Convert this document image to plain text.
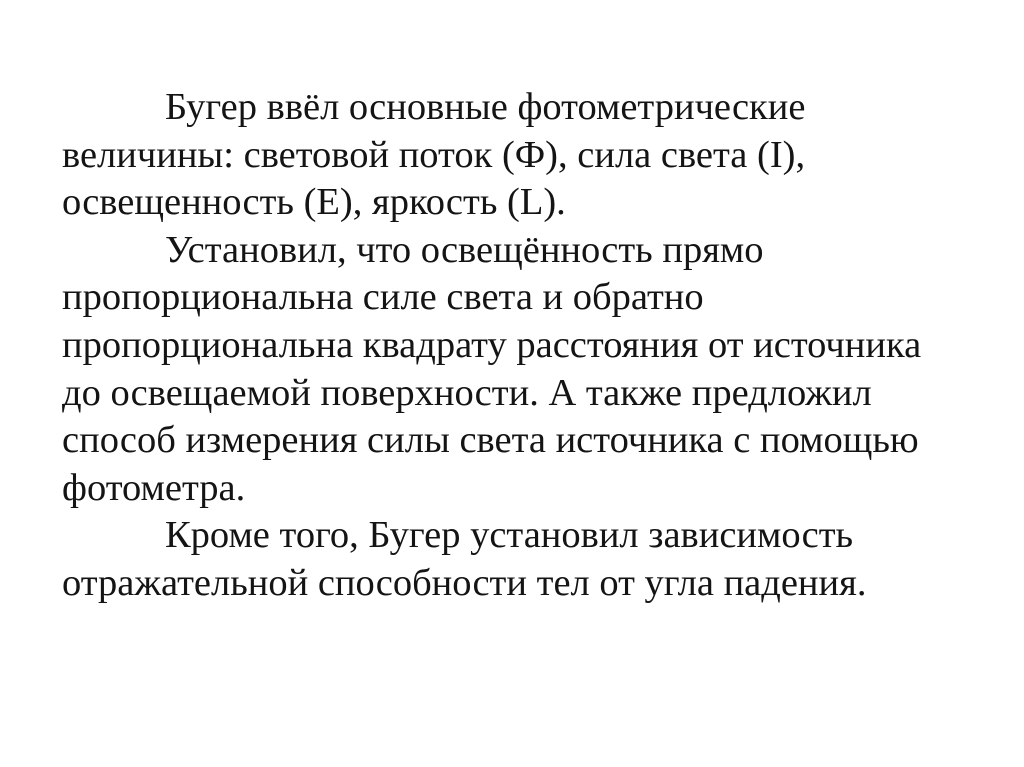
Бугер ввёл основные фотометрические
величины: световой поток (Ф), сила света (I),
освещенность (E), яркость (L).
Установил, что освещённость прямо
пропорциональна силе света и обратно
пропорциональна квадрату расстояния от источника
до освещаемой поверхности. А также предложил
способ измерения силы света источника с помощью
фотометра.
Кроме того, Бугер установил зависимость
отражательной способности тел от угла падения.
